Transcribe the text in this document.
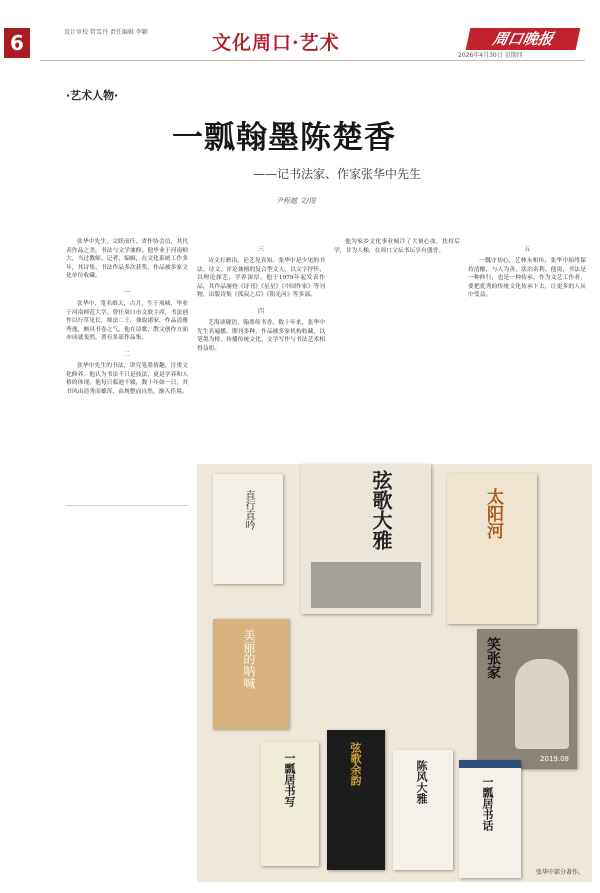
6	设计审校 管雪丹 责任编辑 李颖	文化周口·艺术	周口晚报
2026年4月30日 星期四
·艺术人物·
一瓢翰墨陈楚香
——记书法家、作家张华中先生
尹程越 文/图

张华中先生，文联前任、省作协会员，其代表作品之美，书法与文学兼修。他毕业于河南师大，当过教师、记者、编辑，在文化系统工作多年，其诗集、书法作品多次获奖，作品被多家文化单位收藏。

一

张华中，笔名维天，古月，生于项城，毕业于河南师范大学。曾任周口市文联主席，书法创作以行草见长，师法二王，兼取诸家，作品清雅秀逸，颇具书卷之气。他在诗歌、散文创作方面亦成就斐然，著有多部作品集。

二

张华中先生的书法，讲究笔墨情趣，注重文化修养。他认为书法不只是技法，更是学养和人格的体现。他每日临池不辍，数十年如一日，其书风由清秀而雄浑，由规整而自然，渐入佳境。

三

诗文打磨出，论艺见真知。张华中是少见的书法、诗文、评论兼擅的复合型文人，以文字抒怀，以理论探艺，学养深厚。他于1979年起发表作品，其作品屡登《诗刊》《星星》《中国作家》等刊物，出版诗集《孤寂之后》《阳光河》等多部。

四

艺海谈砚语，翰墨传书香。数十年来，张华中先生名遍播，期刊多种，作品被多家机构收藏，以笔墨为桥，传播传统文化，文学写作与书法艺术相得益彰。

他为家乡文化事业倾注了大量心血，扶持后学，甘为人梯，在周口文坛书坛享有盛誉。	五

一瓢守初心，艺林永相传。张华中始终保持清醒，与人为善，淡泊名利。他说，书法是一种修行，也是一种传承，作为文艺工作者，要把优秀的传统文化传承下去，让更多的人从中受益。

直行直吟	弦歌大雅	太阳河
美丽的呐喊	笑张家
2019.08
一瓢居书写	弦歌余韵	陈风大雅	一瓢居书话
张华中部分著作。
